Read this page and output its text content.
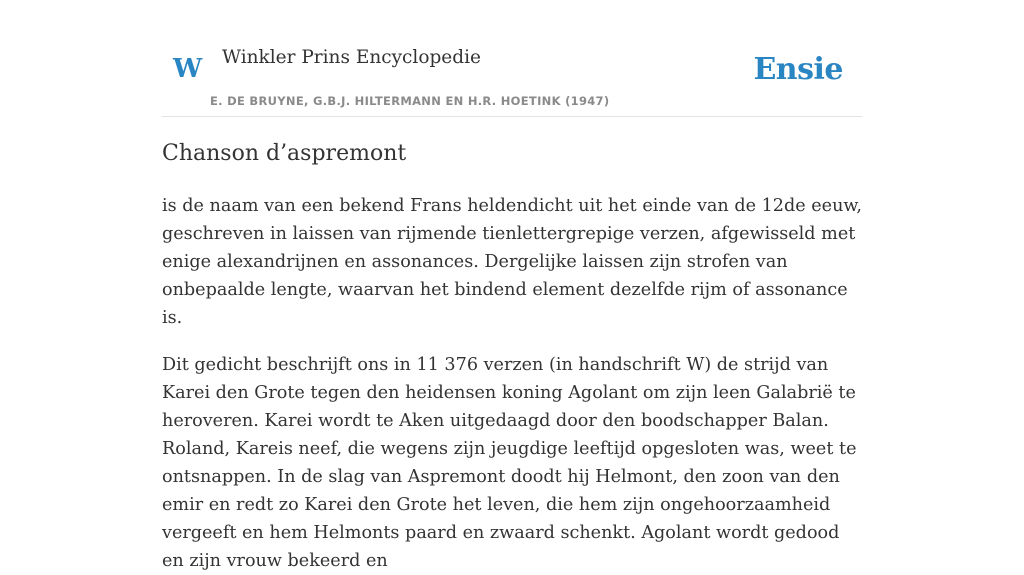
W Winkler Prins Encyclopedie
E. DE BRUYNE, G.B.J. HILTERMANN EN H.R. HOETINK (1947)
Ensie
Chanson d’aspremont

is de naam van een bekend Frans heldendicht uit het einde van de 12de eeuw, geschreven in laissen van rijmende tienlettergrepige verzen, afgewisseld met enige alexandrijnen en assonances. Dergelijke laissen zijn strofen van onbepaalde lengte, waarvan het bindend element dezelfde rijm of assonance is.

Dit gedicht beschrijft ons in 11 376 verzen (in handschrift W) de strijd van Karei den Grote tegen den heidensen koning Agolant om zijn leen Galabrië te heroveren. Karei wordt te Aken uitgedaagd door den boodschapper Balan. Roland, Kareis neef, die wegens zijn jeugdige leeftijd opgesloten was, weet te ontsnappen. In de slag van Aspremont doodt hij Helmont, den zoon van den emir en redt zo Karei den Grote het leven, die hem zijn ongehoorzaamheid vergeeft en hem Helmonts paard en zwaard schenkt. Agolant wordt gedood en zijn vrouw bekeerd en
